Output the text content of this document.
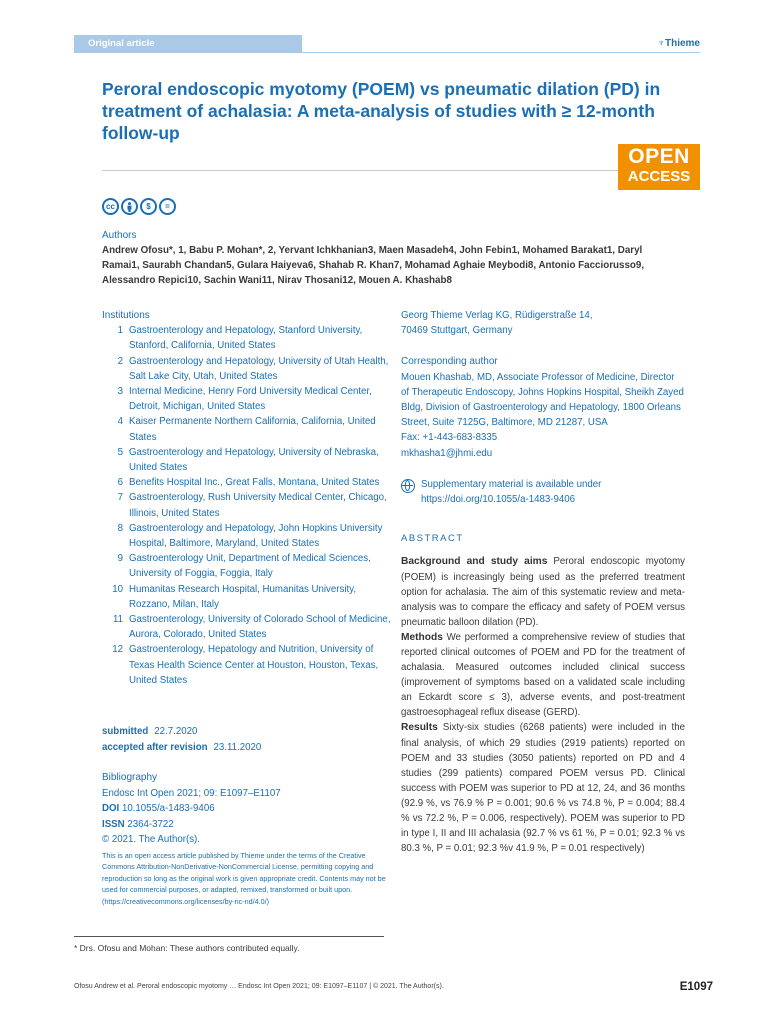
Original article	♆Thieme
Peroral endoscopic myotomy (POEM) vs pneumatic dilation (PD) in treatment of achalasia: A meta-analysis of studies with ≥ 12-month follow-up
OPEN
ACCESS
cc	$	=
Authors

Andrew Ofosu*, 1, Babu P. Mohan*, 2, Yervant Ichkhanian3, Maen Masadeh4, John Febin1, Mohamed Barakat1, Daryl Ramai1, Saurabh Chandan5, Gulara Haiyeva6, Shahab R. Khan7, Mohamad Aghaie Meybodi8, Antonio Facciorusso9, Alessandro Repici10, Sachin Wani11, Nirav Thosani12, Mouen A. Khashab8

Institutions
1 Gastroenterology and Hepatology, Stanford University, Stanford, California, United States
2 Gastroenterology and Hepatology, University of Utah Health, Salt Lake City, Utah, United States
3 Internal Medicine, Henry Ford University Medical Center, Detroit, Michigan, United States
4 Kaiser Permanente Northern California, California, United States
5 Gastroenterology and Hepatology, University of Nebraska, United States
6 Benefits Hospital Inc., Great Falls, Montana, United States
7 Gastroenterology, Rush University Medical Center, Chicago, Illinois, United States
8 Gastroenterology and Hepatology, John Hopkins University Hospital, Baltimore, Maryland, United States
9 Gastroenterology Unit, Department of Medical Sciences, University of Foggia, Foggia, Italy
10 Humanitas Research Hospital, Humanitas University, Rozzano, Milan, Italy
11 Gastroenterology, University of Colorado School of Medicine, Aurora, Colorado, United States
12 Gastroenterology, Hepatology and Nutrition, University of Texas Health Science Center at Houston, Houston, Texas, United States
submitted 22.7.2020
accepted after revision 23.11.2020
Bibliography
Endosc Int Open 2021; 09: E1097–E1107
DOI 10.1055/a-1483-9406
ISSN 2364-3722
© 2021. The Author(s).
This is an open access article published by Thieme under the terms of the Creative Commons Attribution-NonDerivative-NonCommercial License, permitting copying and reproduction so long as the original work is given appropriate credit. Contents may not be used for commercial purposes, or adapted, remixed, transformed or built upon. (https://creativecommons.org/licenses/by-nc-nd/4.0/)
Georg Thieme Verlag KG, Rüdigerstraße 14,
70469 Stuttgart, Germany
Corresponding author
Mouen Khashab, MD, Associate Professor of Medicine, Director of Therapeutic Endoscopy, Johns Hopkins Hospital, Sheikh Zayed Bldg, Division of Gastroenterology and Hepatology, 1800 Orleans Street, Suite 7125G, Baltimore, MD 21287, USA
Fax: +1-443-683-8335
mkhasha1@jhmi.edu
Supplementary material is available under https://doi.org/10.1055/a-1483-9406
ABSTRACT
Background and study aims Peroral endoscopic myotomy (POEM) is increasingly being used as the preferred treatment option for achalasia. The aim of this systematic review and meta-analysis was to compare the efficacy and safety of POEM versus pneumatic balloon dilation (PD).
Methods We performed a comprehensive review of studies that reported clinical outcomes of POEM and PD for the treatment of achalasia. Measured outcomes included clinical success (improvement of symptoms based on a validated scale including an Eckardt score ≤ 3), adverse events, and post-treatment gastroesophageal reflux disease (GERD).
Results Sixty-six studies (6268 patients) were included in the final analysis, of which 29 studies (2919 patients) reported on POEM and 33 studies (3050 patients) reported on PD and 4 studies (299 patients) compared POEM versus PD. Clinical success with POEM was superior to PD at 12, 24, and 36 months (92.9 %, vs 76.9 % P = 0.001; 90.6 % vs 74.8 %, P = 0.004; 88.4 % vs 72.2 %, P = 0.006, respectively). POEM was superior to PD in type I, II and III achalasia (92.7 % vs 61 %, P = 0.01; 92.3 % vs 80.3 %, P = 0.01; 92.3 %v 41.9 %, P = 0.01 respectively)
* Drs. Ofosu and Mohan: These authors contributed equally.
Ofosu Andrew et al. Peroral endoscopic myotomy … Endosc Int Open 2021; 09: E1097–E1107 | © 2021. The Author(s).	E1097
